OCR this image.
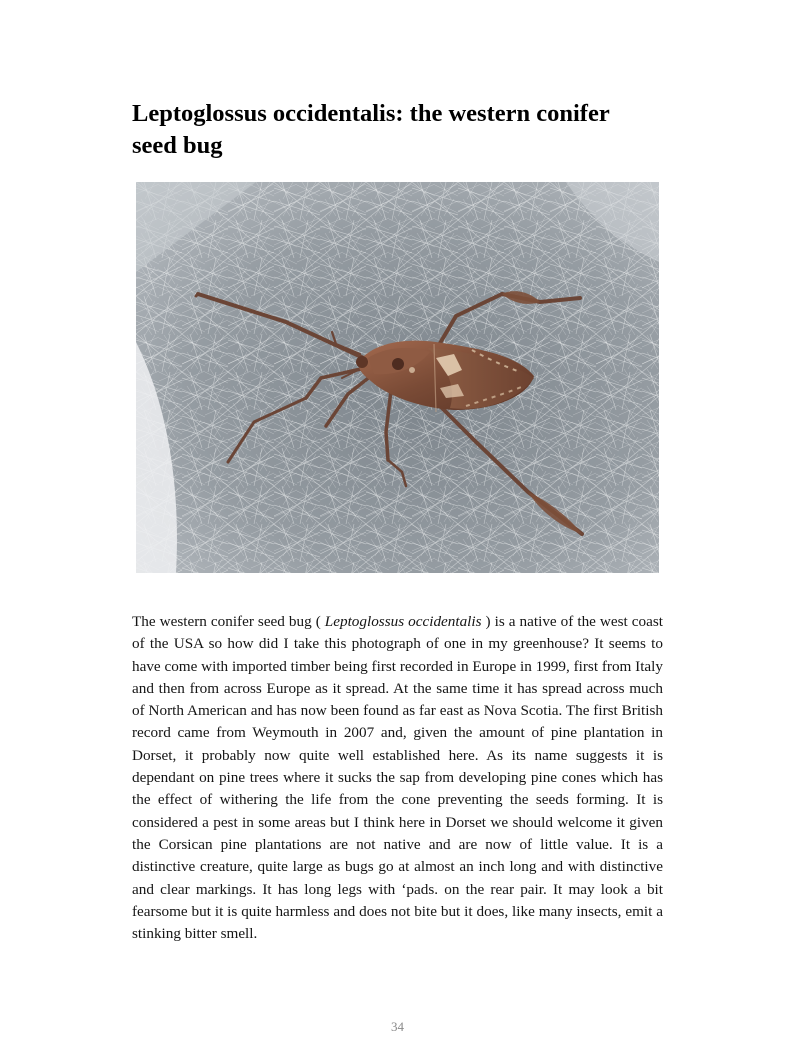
Leptoglossus occidentalis: the western conifer seed bug

The western conifer seed bug ( Leptoglossus occidentalis ) is a native of the west coast of the USA so how did I take this photograph of one in my greenhouse? It seems to have come with imported timber being first recorded in Europe in 1999, first from Italy and then from across Europe as it spread. At the same time it has spread across much of North American and has now been found as far east as Nova Scotia. The first British record came from Weymouth in 2007 and, given the amount of pine plantation in Dorset, it probably now quite well established here. As its name suggests it is dependant on pine trees where it sucks the sap from developing pine cones which has the effect of withering the life from the cone preventing the seeds forming. It is considered a pest in some areas but I think here in Dorset we should welcome it given the Corsican pine plantations are not native and are now of little value. It is a distinctive creature, quite large as bugs go at almost an inch long and with distinctive and clear markings. It has long legs with ‘pads. on the rear pair. It may look a bit fearsome but it is quite harmless and does not bite but it does, like many insects, emit a stinking bitter smell.

34
